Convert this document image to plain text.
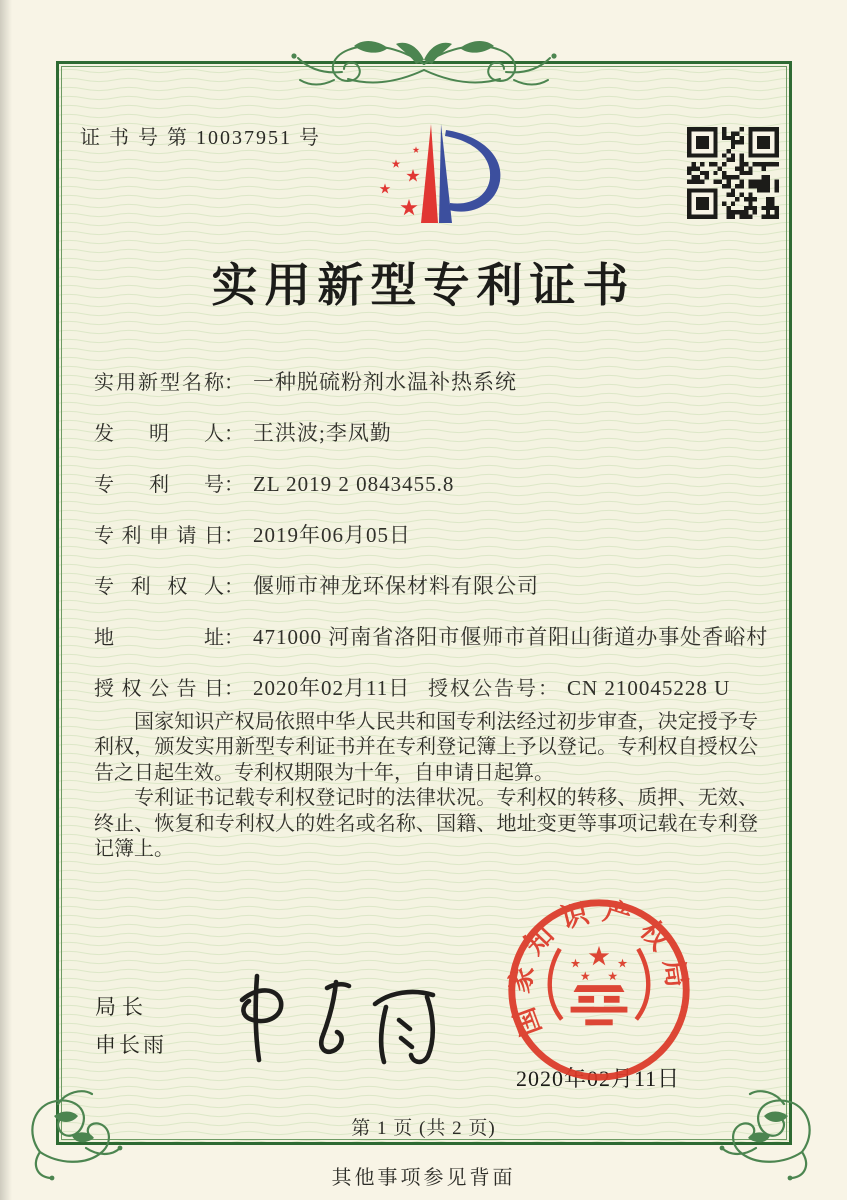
证 书 号 第 10037951 号
实用新型专利证书
实用新型名称： 一种脱硫粉剂水温补热系统
发明人： 王洪波;李凤勤
专利号： ZL 2019 2 0843455.8
专利申请日： 2019年06月05日
专利权人： 偃师市神龙环保材料有限公司
地址： 471000 河南省洛阳市偃师市首阳山街道办事处香峪村
授权公告日： 2020年02月11日 授权公告号： CN 210045228 U

国家知识产权局依照中华人民共和国专利法经过初步审查，决定授予专利权，颁发实用新型专利证书并在专利登记簿上予以登记。专利权自授权公告之日起生效。专利权期限为十年，自申请日起算。

专利证书记载专利权登记时的法律状况。专利权的转移、质押、无效、终止、恢复和专利权人的姓名或名称、国籍、地址变更等事项记载在专利登记簿上。

局长
申长雨
2020年02月11日
国家知识产权局
第 1 页 (共 2 页)
其他事项参见背面
